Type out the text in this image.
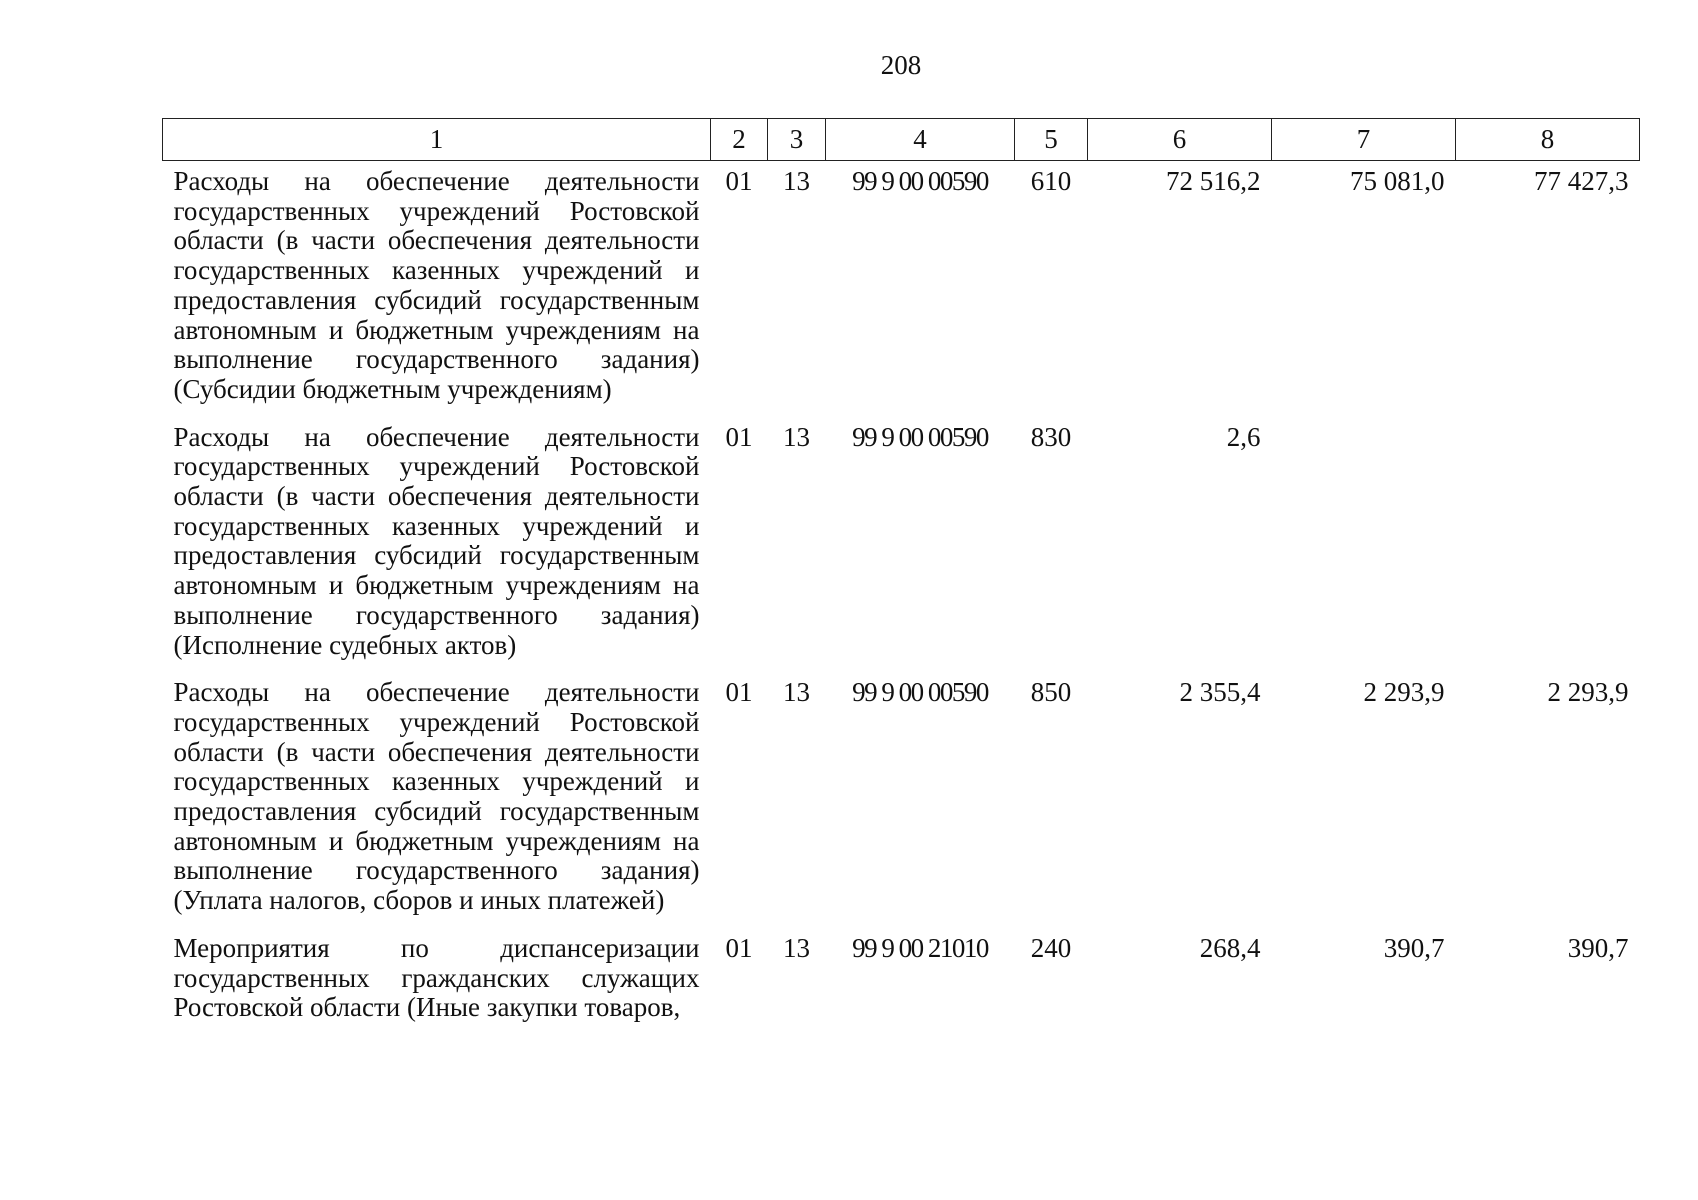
208
1	2	3	4	5	6	7	8
Расходы на обеспечение деятельности государственных учреждений Ростовской области (в части обеспечения деятельности государственных казенных учреждений и предоставления субсидий государственным автономным и бюджетным учреждениям на выполнение государственного задания) (Субсидии бюджетным учреждениям)	01	13	99 9 00 00590	610	72 516,2	75 081,0	77 427,3
Расходы на обеспечение деятельности государственных учреждений Ростовской области (в части обеспечения деятельности государственных казенных учреждений и предоставления субсидий государственным автономным и бюджетным учреждениям на выполнение государственного задания) (Исполнение судебных актов)	01	13	99 9 00 00590	830	2,6		
Расходы на обеспечение деятельности государственных учреждений Ростовской области (в части обеспечения деятельности государственных казенных учреждений и предоставления субсидий государственным автономным и бюджетным учреждениям на выполнение государственного задания) (Уплата налогов, сборов и иных платежей)	01	13	99 9 00 00590	850	2 355,4	2 293,9	2 293,9
Мероприятия по диспансеризации государственных гражданских служащих Ростовской области (Иные закупки товаров,	01	13	99 9 00 21010	240	268,4	390,7	390,7
